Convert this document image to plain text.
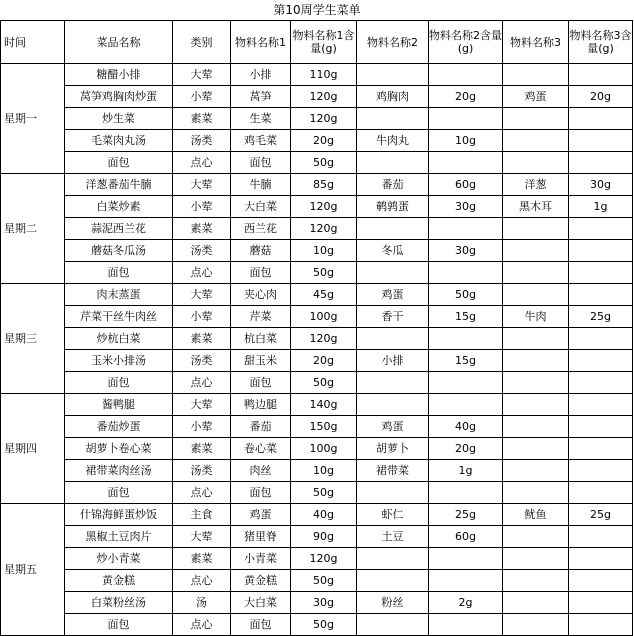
第10周学生菜单
时间	菜品名称	类别	物料名称1	物料名称1含量(g)	物料名称2	物料名称2含量(g)	物料名称3	物料名称3含量(g)
星期一	糖醋小排	大荤	小排	110g				
	莴笋鸡胸肉炒蛋	小荤	莴笋	120g	鸡胸肉	20g	鸡蛋	20g
	炒生菜	素菜	生菜	120g				
	毛菜肉丸汤	汤类	鸡毛菜	20g	牛肉丸	10g		
	面包	点心	面包	50g				
星期二	洋葱番茄牛腩	大荤	牛腩	85g	番茄	60g	洋葱	30g
	白菜炒素	小荤	大白菜	120g	鹌鹑蛋	30g	黑木耳	1g
	蒜泥西兰花	素菜	西兰花	120g				
	蘑菇冬瓜汤	汤类	蘑菇	10g	冬瓜	30g		
	面包	点心	面包	50g				
星期三	肉末蒸蛋	大荤	夹心肉	45g	鸡蛋	50g		
	芹菜干丝牛肉丝	小荤	芹菜	100g	香干	15g	牛肉	25g
	炒杭白菜	素菜	杭白菜	120g				
	玉米小排汤	汤类	甜玉米	20g	小排	15g		
	面包	点心	面包	50g				
星期四	酱鸭腿	大荤	鸭边腿	140g				
	番茄炒蛋	小荤	番茄	150g	鸡蛋	40g		
	胡萝卜卷心菜	素菜	卷心菜	100g	胡萝卜	20g		
	裙带菜肉丝汤	汤类	肉丝	10g	裙带菜	1g		
	面包	点心	面包	50g				
星期五	什锦海鲜蛋炒饭	主食	鸡蛋	40g	虾仁	25g	鱿鱼	25g
	黑椒土豆肉片	大荤	猪里脊	90g	土豆	60g		
	炒小青菜	素菜	小青菜	120g				
	黄金糕	点心	黄金糕	50g				
	白菜粉丝汤	汤	大白菜	30g	粉丝	2g		
	面包	点心	面包	50g				
